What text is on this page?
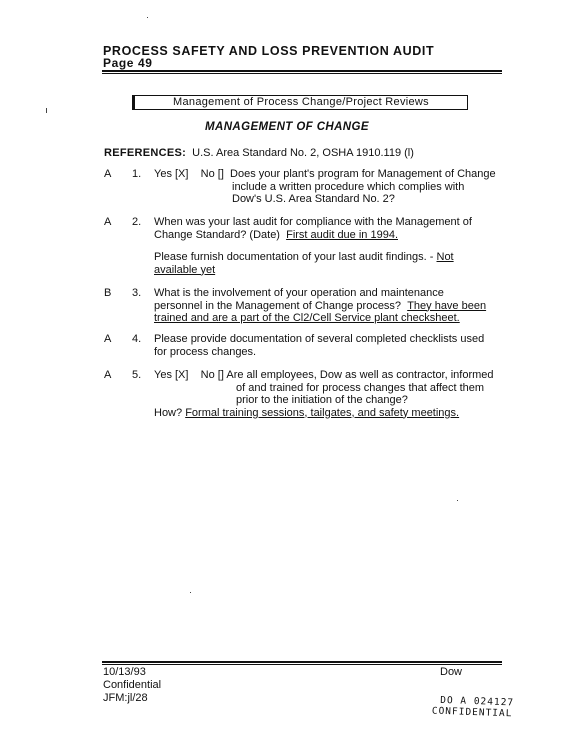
PROCESS SAFETY AND LOSS PREVENTION AUDIT
Page 49
Management of Process Change/Project Reviews
MANAGEMENT OF CHANGE
REFERENCES: U.S. Area Standard No. 2, OSHA 1910.119 (l)
A 1. Yes [X]    No []  Does your plant's program for Management of Change
include a written procedure which complies with
Dow's U.S. Area Standard No. 2?
A 2. When was your last audit for compliance with the Management of
Change Standard? (Date) First audit due in 1994.
Please furnish documentation of your last audit findings. - Not
available yet
B 3. What is the involvement of your operation and maintenance
personnel in the Management of Change process? They have been
trained and are a part of the Cl2/Cell Service plant checksheet.
A 4. Please provide documentation of several completed checklists used
for process changes.
A 5. Yes [X]    No [] Are all employees, Dow as well as contractor, informed
of and trained for process changes that affect them
prior to the initiation of the change?
How? Formal training sessions, tailgates, and safety meetings.
10/13/93
Confidential
JFM:jl/28
Dow
DO A 024127
CONFIDENTIAL
